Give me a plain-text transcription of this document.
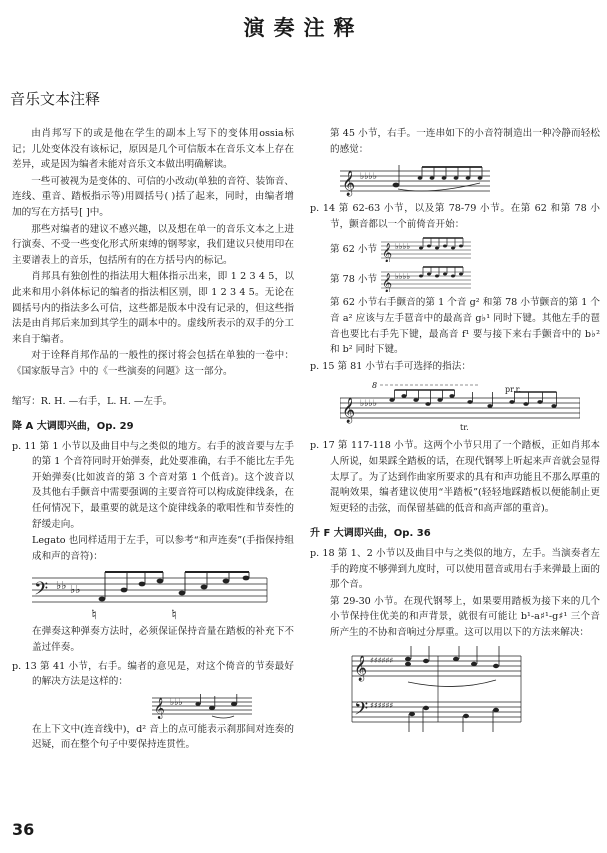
演奏注释
音乐文本注释

由肖邦写下的或是他在学生的副本上写下的变体用ossia标记；儿处变体没有该标记，原因是几个可信版本在音乐文本上存在差异，或是因为编者未能对音乐文本做出明确解读。

一些可被视为是变体的、可信的小改动(单独的音符、装饰音、连线、重音、踏板指示等)用圆括号( )括了起来，同时，由编者增加的写在方括号[ ]中。

那些对编者的建议不感兴趣，以及想在单一的音乐文本之上进行演奏、不受一些变化形式所束缚的钢琴家，我们建议只使用印在主要谱表上的音乐，包括所有的在方括号内的标记。

肖邦具有独创性的指法用大粗体指示出来，即 1 2 3 4 5，以此来和用小斜体标记的编者的指法相区别，即 1 2 3 4 5。无论在圆括号内的指法多么可信，这些都是版本中没有记录的，但这些指法是由肖邦后来加到其学生的副本中的。虚线所表示的双手的分工来自于编者。

对于诠释肖邦作品的一般性的探讨将会包括在单独的一卷中：《国家版导言》中的《一些演奏的问题》这一部分。

缩写：R. H. —右手，L. H. —左手。

降 A 大调即兴曲，Op. 29

p. 11 第 1 小节以及曲目中与之类似的地方。右手的波音要与左手的第 1 个音符同时开始弹奏，此处要准确，右手不能比左手先开始弹奏(比如波音的第 3 个音对第 1 个低音)。这个波音以及其他右手颤音中需要强调的主要音符可以构成旋律线条，在任何情况下，最重要的就是这个旋律线条的歌唱性和节奏性的舒缓走向。

Legato 也同样适用于左手，可以参考“和声连奏”(手指保持组成和声的音符)：

𝄢 ♭♭ ♭♭
𝄮	𝄮

在弹奏这种弹奏方法时，必须保证保持音量在踏板的补充下不盖过伴奏。

p. 13 第 41 小节，右手。编者的意见是，对这个倚音的节奏最好的解决方法是这样的：

𝄞 ♭♭♭

在上下文中(连音线中)，d² 音上的点可能表示刹那间对连奏的迟疑，而在整个句子中要保持连贯性。

第 45 小节，右手。一连串如下的小音符制造出一种冷静而轻松的感觉：

𝄞 ♭♭♭♭

p. 14 第 62-63 小节，以及第 78-79 小节。在第 62 和第 78 小节，颤音都以一个前倚音开始：

第 62 小节 𝄞 ♭♭♭♭
第 78 小节 𝄞 ♭♭♭♭

第 62 小节右手颤音的第 1 个音 g² 和第 78 小节颤音的第 1 个音 a² 应该与左手琶音中的最高音 g♭¹ 同时下键。其他左手的琶音也要比右手先下键，最高音 f¹ 要与接下来右手颤音中的 b♭² 和 b² 同时下键。

p. 15 第 81 小节右手可选择的指法：

8	pr.r.
𝄞 ♭♭♭♭
tr.

p. 17 第 117-118 小节。这两个小节只用了一个踏板，正如肖邦本人所说，如果踩全踏板的话，在现代钢琴上听起来声音就会显得太厚了。为了达到作曲家所要求的具有和声功能且不那么厚重的混响效果，编者建议使用“半踏板”(轻轻地踩踏板以便能制止更短更轻的击弦，而保留基础的低音和高声部的重音)。

升 F 大调即兴曲，Op. 36

p. 18 第 1、2 小节以及曲目中与之类似的地方，左手。当演奏者左手的跨度不够弹到九度时，可以使用琶音或用右手来弹最上面的那个音。

第 29-30 小节。在现代钢琴上，如果要用踏板为接下来的几个小节保持住优美的和声背景，就很有可能让 b¹-a♯¹-g♯¹ 三个音所产生的不协和音响过分厚重。这可以用以下的方法来解决：

𝄞
𝄢
♯♯♯♯♯♯
♯♯♯♯♯♯
36
